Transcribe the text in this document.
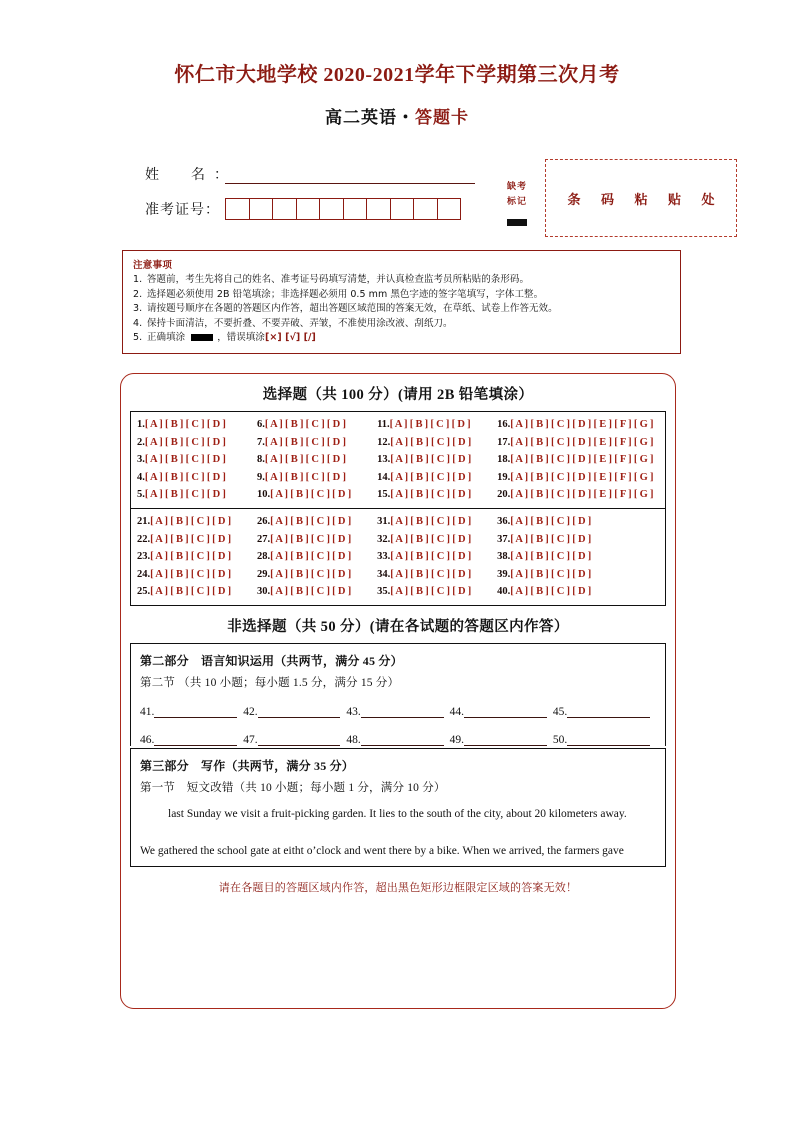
怀仁市大地学校 2020-2021学年下学期第三次月考
高二英语・答题卡
姓　名：
准考证号：
缺考
标记	条 码 粘 贴 处
注意事项
1. 答题前，考生先将自己的姓名、准考证号码填写清楚，并认真检查监考员所粘贴的条形码。
2. 选择题必须使用 2B 铅笔填涂；非选择题必须用 0.5 mm 黑色字迹的签字笔填写，字体工整。
3. 请按题号顺序在各题的答题区内作答，超出答题区域范围的答案无效，在草纸、试卷上作答无效。
4. 保持卡面清洁，不要折叠、不要弄破、弄皱，不准使用涂改液、刮纸刀。
5. 正确填涂	，错误填涂[×] [√] [/]
选择题（共 100 分）(请用 2B 铅笔填涂）
1.[ A ] [ B ] [ C ] [ D ]
2.[ A ] [ B ] [ C ] [ D ]
3.[ A ] [ B ] [ C ] [ D ]
4.[ A ] [ B ] [ C ] [ D ]
5.[ A ] [ B ] [ C ] [ D ]
6.[ A ] [ B ] [ C ] [ D ]
7.[ A ] [ B ] [ C ] [ D ]
8.[ A ] [ B ] [ C ] [ D ]
9.[ A ] [ B ] [ C ] [ D ]
10.[ A ] [ B ] [ C ] [ D ]
11.[ A ] [ B ] [ C ] [ D ]
12.[ A ] [ B ] [ C ] [ D ]
13.[ A ] [ B ] [ C ] [ D ]
14.[ A ] [ B ] [ C ] [ D ]
15.[ A ] [ B ] [ C ] [ D ]
16.[ A ] [ B ] [ C ] [ D ] [ E ] [ F ] [ G ]
17.[ A ] [ B ] [ C ] [ D ] [ E ] [ F ] [ G ]
18.[ A ] [ B ] [ C ] [ D ] [ E ] [ F ] [ G ]
19.[ A ] [ B ] [ C ] [ D ] [ E ] [ F ] [ G ]
20.[ A ] [ B ] [ C ] [ D ] [ E ] [ F ] [ G ]
21.[ A ] [ B ] [ C ] [ D ]
22.[ A ] [ B ] [ C ] [ D ]
23.[ A ] [ B ] [ C ] [ D ]
24.[ A ] [ B ] [ C ] [ D ]
25.[ A ] [ B ] [ C ] [ D ]
26.[ A ] [ B ] [ C ] [ D ]
27.[ A ] [ B ] [ C ] [ D ]
28.[ A ] [ B ] [ C ] [ D ]
29.[ A ] [ B ] [ C ] [ D ]
30.[ A ] [ B ] [ C ] [ D ]
31.[ A ] [ B ] [ C ] [ D ]
32.[ A ] [ B ] [ C ] [ D ]
33.[ A ] [ B ] [ C ] [ D ]
34.[ A ] [ B ] [ C ] [ D ]
35.[ A ] [ B ] [ C ] [ D ]
36.[ A ] [ B ] [ C ] [ D ]
37.[ A ] [ B ] [ C ] [ D ]
38.[ A ] [ B ] [ C ] [ D ]
39.[ A ] [ B ] [ C ] [ D ]
40.[ A ] [ B ] [ C ] [ D ]
非选择题（共 50 分）(请在各试题的答题区内作答）
第二部分　语言知识运用（共两节，满分 45 分）
第二节 （共 10 小题；每小题 1.5 分，满分 15 分）
41.	42.	43.	44.	45.
46.	47.	48.	49.	50.
第三部分　写作（共两节，满分 35 分）
第一节　短文改错（共 10 小题；每小题 1 分，满分 10 分）
last Sunday we visit a fruit-picking garden. It lies to the south of the city, about 20 kilometers away.
We gathered the school gate at eitht o’clock and went there by a bike. When we arrived, the farmers gave
请在各题目的答题区域内作答，超出黑色矩形边框限定区域的答案无效！
